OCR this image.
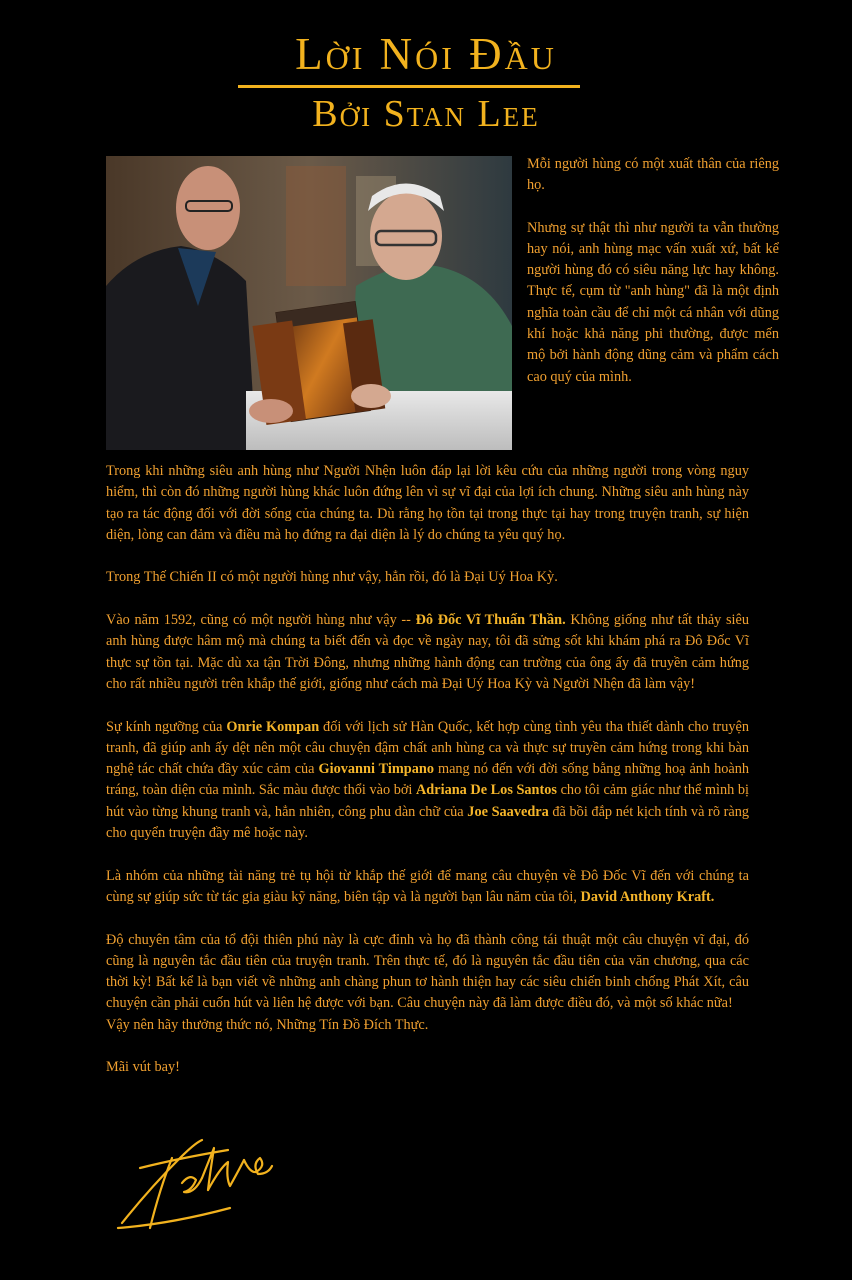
Lời Nói Đầu
Bởi Stan Lee

Mỗi người hùng có một xuất thân của riêng họ.

Nhưng sự thật thì như người ta vẫn thường hay nói, anh hùng mạc vấn xuất xứ, bất kể người hùng đó có siêu năng lực hay không. Thực tế, cụm từ "anh hùng" đã là một định nghĩa toàn cầu để chỉ một cá nhân với dũng khí hoặc khả năng phi thường, được mến mộ bởi hành động dũng cảm và phẩm cách cao quý của mình.

Trong khi những siêu anh hùng như Người Nhện luôn đáp lại lời kêu cứu của những người trong vòng nguy hiểm, thì còn đó những người hùng khác luôn đứng lên vì sự vĩ đại của lợi ích chung. Những siêu anh hùng này tạo ra tác động đối với đời sống của chúng ta. Dù rằng họ tồn tại trong thực tại hay trong truyện tranh, sự hiện diện, lòng can đảm và điều mà họ đứng ra đại diện là lý do chúng ta yêu quý họ.

Trong Thế Chiến II có một người hùng như vậy, hẳn rồi, đó là Đại Uý Hoa Kỳ.

Vào năm 1592, cũng có một người hùng như vậy -- Đô Đốc Vĩ Thuấn Thần. Không giống như tất thảy siêu anh hùng được hâm mộ mà chúng ta biết đến và đọc về ngày nay, tôi đã sửng sốt khi khám phá ra Đô Đốc Vĩ thực sự tồn tại. Mặc dù xa tận Trời Đông, nhưng những hành động can trường của ông ấy đã truyền cảm hứng cho rất nhiều người trên khắp thế giới, giống như cách mà Đại Uý Hoa Kỳ và Người Nhện đã làm vậy!

Sự kính ngưỡng của Onrie Kompan đối với lịch sử Hàn Quốc, kết hợp cùng tình yêu tha thiết dành cho truyện tranh, đã giúp anh ấy dệt nên một câu chuyện đậm chất anh hùng ca và thực sự truyền cảm hứng trong khi bàn nghệ tác chất chứa đầy xúc cảm của Giovanni Timpano mang nó đến với đời sống bằng những hoạ ảnh hoành tráng, toàn diện của mình. Sắc màu được thổi vào bởi Adriana De Los Santos cho tôi cảm giác như thể mình bị hút vào từng khung tranh và, hẳn nhiên, công phu dàn chữ của Joe Saavedra đã bồi đắp nét kịch tính và rõ ràng cho quyển truyện đầy mê hoặc này.

Là nhóm của những tài năng trẻ tụ hội từ khắp thế giới để mang câu chuyện về Đô Đốc Vĩ đến với chúng ta cùng sự giúp sức từ tác gia giàu kỹ năng, biên tập và là người bạn lâu năm của tôi, David Anthony Kraft.

Độ chuyên tâm của tổ đội thiên phú này là cực đỉnh và họ đã thành công tái thuật một câu chuyện vĩ đại, đó cũng là nguyên tắc đầu tiên của truyện tranh. Trên thực tế, đó là nguyên tắc đầu tiên của văn chương, qua các thời kỳ! Bất kể là bạn viết về những anh chàng phun tơ hành thiện hay các siêu chiến binh chống Phát Xít, câu chuyện cần phải cuốn hút và liên hệ được với bạn. Câu chuyện này đã làm được điều đó, và một số khác nữa!

Vậy nên hãy thưởng thức nó, Những Tín Đồ Đích Thực.

Mãi vút bay!
